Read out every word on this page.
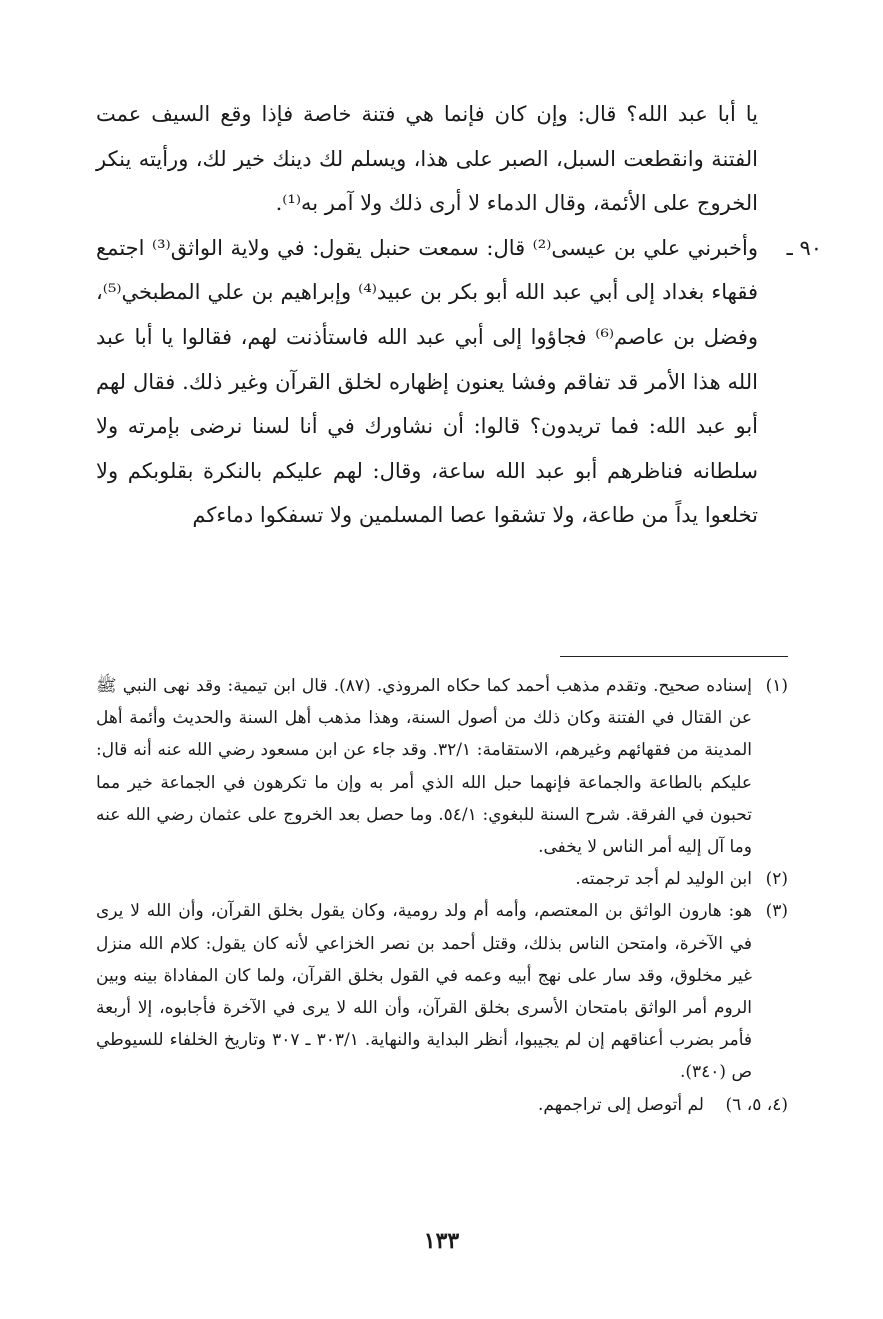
يا أبا عبد الله؟ قال: وإن كان فإنما هي فتنة خاصة فإذا وقع السيف عمت الفتنة وانقطعت السبل، الصبر على هذا، ويسلم لك دينك خير لك، ورأيته ينكر الخروج على الأئمة، وقال الدماء لا أرى ذلك ولا آمر به⁽¹⁾.

٩٠ ـ

وأخبرني علي بن عيسى⁽²⁾ قال: سمعت حنبل يقول: في ولاية الواثق⁽³⁾ اجتمع فقهاء بغداد إلى أبي عبد الله أبو بكر بن عبيد⁽⁴⁾ وإبراهيم بن علي المطبخي⁽⁵⁾، وفضل بن عاصم⁽⁶⁾ فجاؤوا إلى أبي عبد الله فاستأذنت لهم، فقالوا يا أبا عبد الله هذا الأمر قد تفاقم وفشا يعنون إظهاره لخلق القرآن وغير ذلك. فقال لهم أبو عبد الله: فما تريدون؟ قالوا: أن نشاورك في أنا لسنا نرضى بإمرته ولا سلطانه فناظرهم أبو عبد الله ساعة، وقال: لهم عليكم بالنكرة بقلوبكم ولا تخلعوا يداً من طاعة، ولا تشقوا عصا المسلمين ولا تسفكوا دماءكم

(١)
إسناده صحيح. وتقدم مذهب أحمد كما حكاه المروذي. (٨٧). قال ابن تيمية: وقد نهى النبي ﷺ عن القتال في الفتنة وكان ذلك من أصول السنة، وهذا مذهب أهل السنة والحديث وأئمة أهل المدينة من فقهائهم وغيرهم، الاستقامة: ٣٢/١. وقد جاء عن ابن مسعود رضي الله عنه أنه قال: عليكم بالطاعة والجماعة فإنهما حبل الله الذي أمر به وإن ما تكرهون في الجماعة خير مما تحبون في الفرقة. شرح السنة للبغوي: ٥٤/١. وما حصل بعد الخروج على عثمان رضي الله عنه وما آل إليه أمر الناس لا يخفى.

(٢)
ابن الوليد لم أجد ترجمته.

(٣)
هو: هارون الواثق بن المعتصم، وأمه أم ولد رومية، وكان يقول بخلق القرآن، وأن الله لا يرى في الآخرة، وامتحن الناس بذلك، وقتل أحمد بن نصر الخزاعي لأنه كان يقول: كلام الله منزل غير مخلوق، وقد سار على نهج أبيه وعمه في القول بخلق القرآن، ولما كان المفاداة بينه وبين الروم أمر الواثق بامتحان الأسرى بخلق القرآن، وأن الله لا يرى في الآخرة فأجابوه، إلا أربعة فأمر بضرب أعناقهم إن لم يجيبوا، أنظر البداية والنهاية. ٣٠٣/١ ـ ٣٠٧ وتاريخ الخلفاء للسيوطي ص (٣٤٠).

(٤، ٥، ٦)
لم أتوصل إلى تراجمهم.

١٣٣
